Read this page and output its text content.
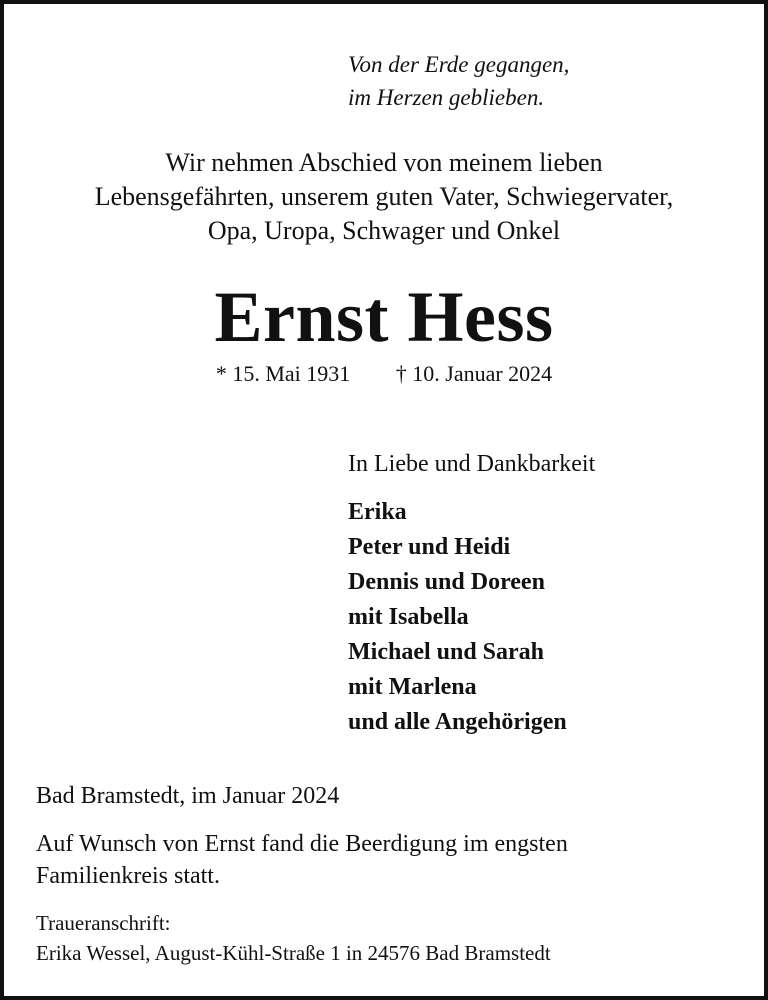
Von der Erde gegangen,
im Herzen geblieben.
Wir nehmen Abschied von meinem lieben
Lebensgefährten, unserem guten Vater, Schwiegervater,
Opa, Uropa, Schwager und Onkel
Ernst Hess
* 15. Mai 1931 † 10. Januar 2024
In Liebe und Dankbarkeit
Erika
Peter und Heidi
Dennis und Doreen
mit Isabella
Michael und Sarah
mit Marlena
und alle Angehörigen
Bad Bramstedt, im Januar 2024
Auf Wunsch von Ernst fand die Beerdigung im engsten
Familienkreis statt.
Traueranschrift:
Erika Wessel, August-Kühl-Straße 1 in 24576 Bad Bramstedt
